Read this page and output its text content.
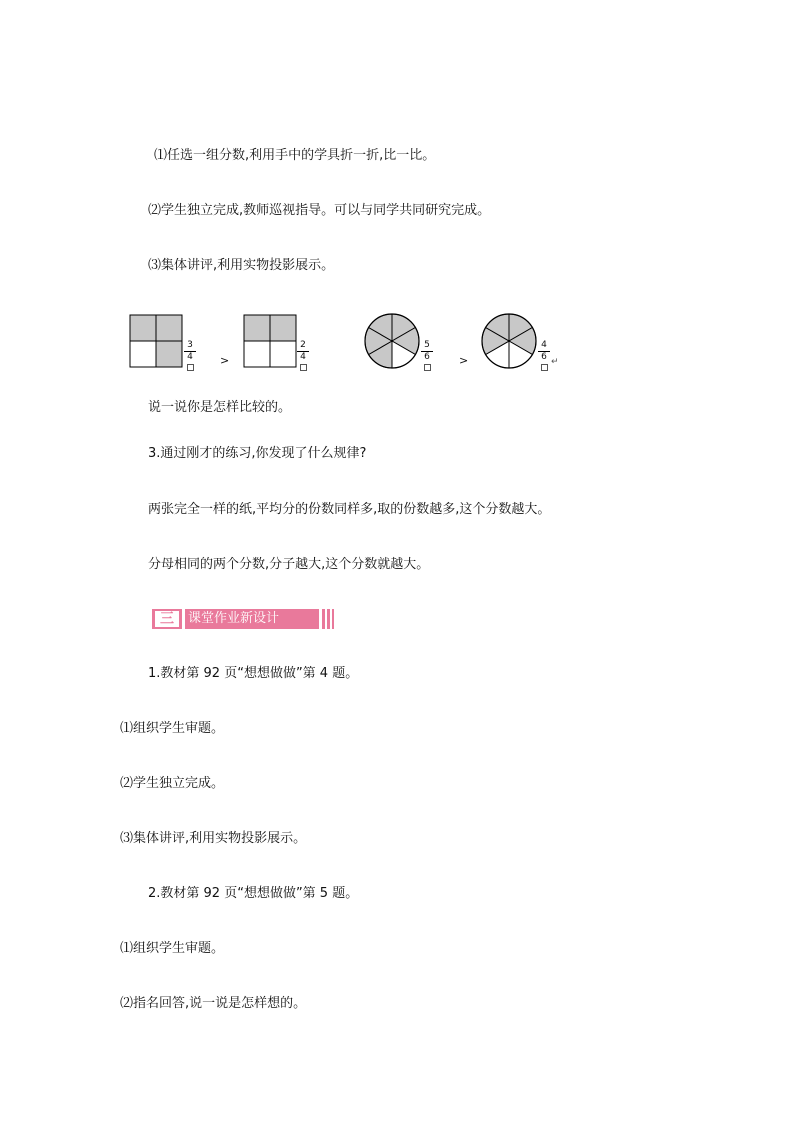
⑴任选一组分数,利用手中的学具折一折,比一比。
⑵学生独立完成,教师巡视指导。可以与同学共同研究完成。
⑶集体讲评,利用实物投影展示。
3
4 >
2
4
5
6	>
4
6 ↵
说一说你是怎样比较的。
3.通过刚才的练习,你发现了什么规律?
两张完全一样的纸,平均分的份数同样多,取的份数越多,这个分数越大。
分母相同的两个分数,分子越大,这个分数就越大。
三	课堂作业新设计
1.教材第 92 页“想想做做”第 4 题。
⑴组织学生审题。
⑵学生独立完成。
⑶集体讲评,利用实物投影展示。
2.教材第 92 页“想想做做”第 5 题。
⑴组织学生审题。
⑵指名回答,说一说是怎样想的。
